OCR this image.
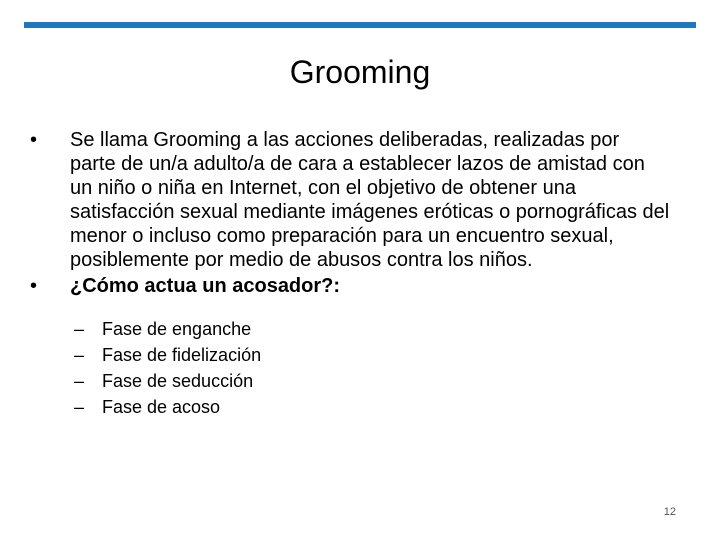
Grooming
•	Se llama Grooming a las acciones deliberadas, realizadas por parte de un/a adulto/a de cara a establecer lazos de amistad con un niño o niña en Internet, con el objetivo de obtener una satisfacción sexual mediante imágenes eróticas o pornográficas del menor o incluso como preparación para un encuentro sexual, posiblemente por medio de abusos contra los niños.
•	¿Cómo actua un acosador?:
– Fase de enganche
– Fase de fidelización
– Fase de seducción
– Fase de acoso
12
